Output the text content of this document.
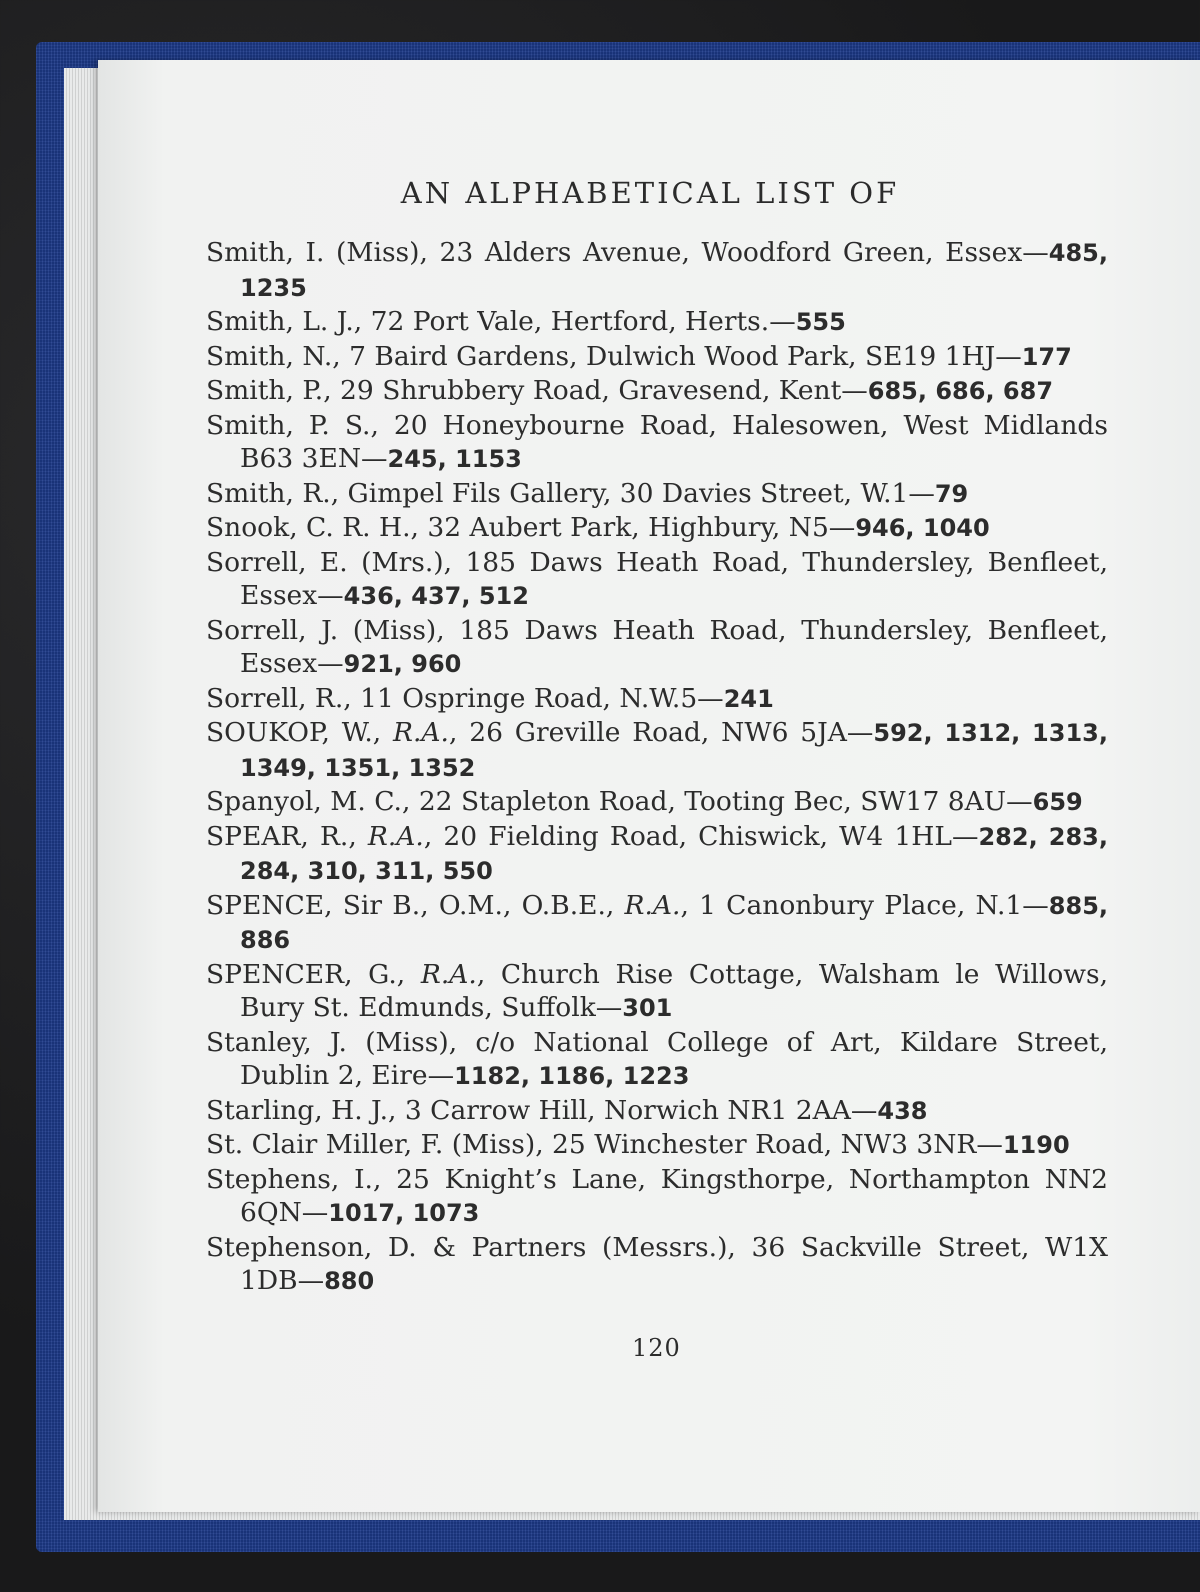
AN ALPHABETICAL LIST OF
Smith, I. (Miss), 23 Alders Avenue, Woodford Green, Essex—485, 1235
Smith, L. J., 72 Port Vale, Hertford, Herts.—555
Smith, N., 7 Baird Gardens, Dulwich Wood Park, SE19 1HJ—177
Smith, P., 29 Shrubbery Road, Gravesend, Kent—685, 686, 687
Smith, P. S., 20 Honeybourne Road, Halesowen, West Midlands B63 3EN—245, 1153
Smith, R., Gimpel Fils Gallery, 30 Davies Street, W.1—79
Snook, C. R. H., 32 Aubert Park, Highbury, N5—946, 1040
Sorrell, E. (Mrs.), 185 Daws Heath Road, Thundersley, Benfleet, Essex—436, 437, 512
Sorrell, J. (Miss), 185 Daws Heath Road, Thundersley, Benfleet, Essex—921, 960
Sorrell, R., 11 Ospringe Road, N.W.5—241
SOUKOP, W., R.A., 26 Greville Road, NW6 5JA—592, 1312, 1313, 1349, 1351, 1352
Spanyol, M. C., 22 Stapleton Road, Tooting Bec, SW17 8AU—659
SPEAR, R., R.A., 20 Fielding Road, Chiswick, W4 1HL—282, 283, 284, 310, 311, 550
SPENCE, Sir B., O.M., O.B.E., R.A., 1 Canonbury Place, N.1—885, 886
SPENCER, G., R.A., Church Rise Cottage, Walsham le Willows, Bury St. Edmunds, Suffolk—301
Stanley, J. (Miss), c/o National College of Art, Kildare Street, Dublin 2, Eire—1182, 1186, 1223
Starling, H. J., 3 Carrow Hill, Norwich NR1 2AA—438
St. Clair Miller, F. (Miss), 25 Winchester Road, NW3 3NR—1190
Stephens, I., 25 Knight’s Lane, Kingsthorpe, Northampton NN2 6QN—1017, 1073
Stephenson, D. & Partners (Messrs.), 36 Sackville Street, W1X 1DB—880
120
